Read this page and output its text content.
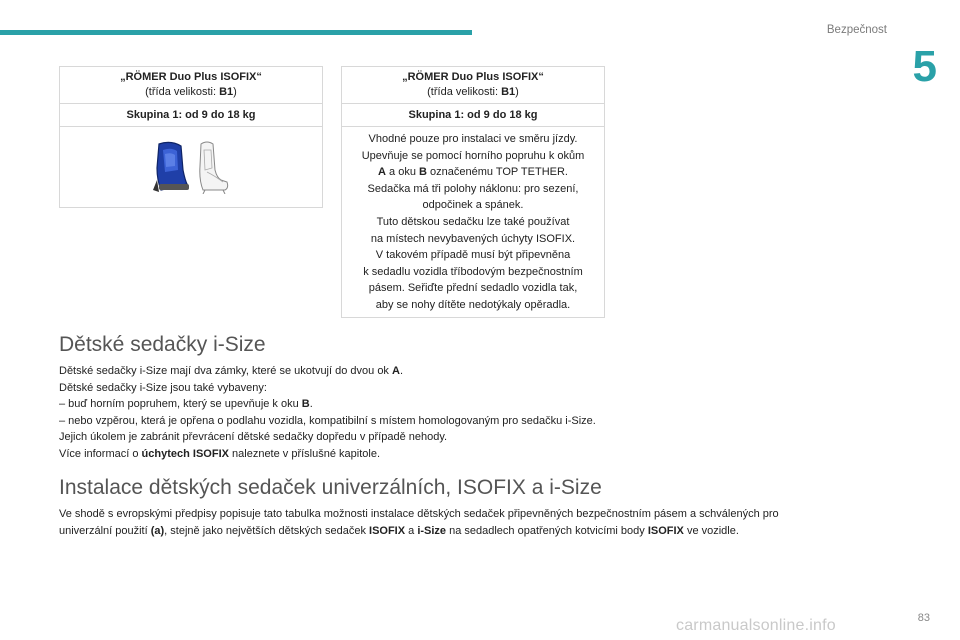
Bezpečnost
5
„RÖMER Duo Plus ISOFIX“
(třída velikosti: B1)

Skupina 1: od 9 do 18 kg

„RÖMER Duo Plus ISOFIX“
(třída velikosti: B1)

Skupina 1: od 9 do 18 kg

Vhodné pouze pro instalaci ve směru jízdy.
Upevňuje se pomocí horního popruhu k okům
A a oku B označenému TOP TETHER.
Sedačka má tři polohy náklonu: pro sezení,
odpočinek a spánek.
Tuto dětskou sedačku lze také používat
na místech nevybavených úchyty ISOFIX.
V takovém případě musí být připevněna
k sedadlu vozidla tříbodovým bezpečnostním
pásem. Seřiďte přední sedadlo vozidla tak,
aby se nohy dítěte nedotýkaly opěradla.
Dětské sedačky i-Size
Dětské sedačky i-Size mají dva zámky, které se ukotvují do dvou ok A.
Dětské sedačky i-Size jsou také vybaveny:
– buď horním popruhem, který se upevňuje k oku B.
– nebo vzpěrou, která je opřena o podlahu vozidla, kompatibilní s místem homologovaným pro sedačku i-Size.
Jejich úkolem je zabránit převrácení dětské sedačky dopředu v případě nehody.
Více informací o úchytech ISOFIX naleznete v příslušné kapitole.
Instalace dětských sedaček univerzálních, ISOFIX a i-Size
Ve shodě s evropskými předpisy popisuje tato tabulka možnosti instalace dětských sedaček připevněných bezpečnostním pásem a schválených pro
univerzální použití (a), stejně jako největších dětských sedaček ISOFIX a i-Size na sedadlech opatřených kotvicími body ISOFIX ve vozidle.
83
carmanualsonline.info
